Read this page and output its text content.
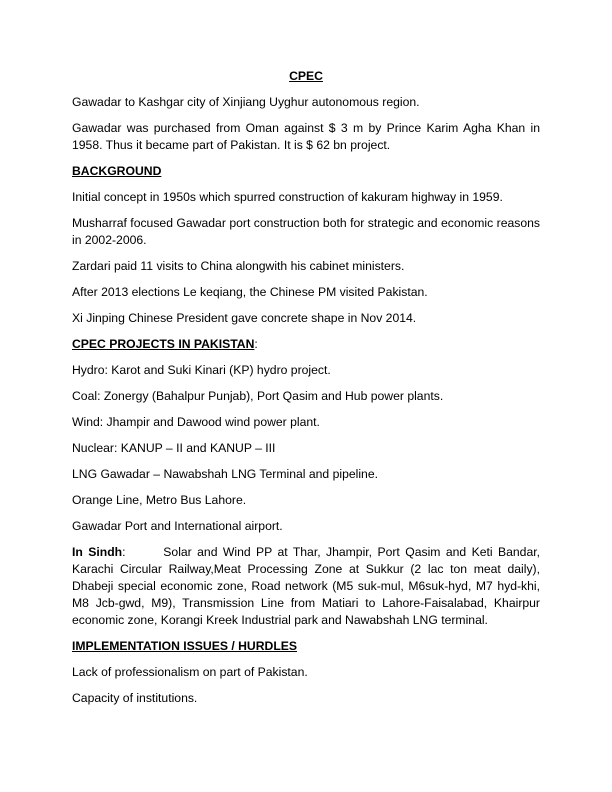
CPEC
Gawadar to Kashgar city of Xinjiang Uyghur autonomous region.
Gawadar was purchased from Oman against $ 3 m by Prince Karim Agha Khan in 1958. Thus it became part of Pakistan. It is $ 62 bn project.
BACKGROUND
Initial concept in 1950s which spurred construction of kakuram highway in 1959.
Musharraf focused Gawadar port construction both for strategic and economic reasons in 2002-2006.
Zardari paid 11 visits to China alongwith his cabinet ministers.
After 2013 elections Le keqiang, the Chinese PM visited Pakistan.
Xi Jinping Chinese President gave concrete shape in Nov 2014.
CPEC PROJECTS IN PAKISTAN:
Hydro: Karot and Suki Kinari (KP) hydro project.
Coal: Zonergy (Bahalpur Punjab), Port Qasim and Hub power plants.
Wind: Jhampir and Dawood wind power plant.
Nuclear: KANUP – II and KANUP – III
LNG Gawadar – Nawabshah LNG Terminal and pipeline.
Orange Line, Metro Bus Lahore.
Gawadar Port and International airport.
In Sindh:       Solar and Wind PP at Thar, Jhampir, Port Qasim and Keti Bandar, Karachi Circular Railway,Meat Processing Zone at Sukkur (2 lac ton meat daily), Dhabeji special economic zone, Road network (M5 suk-mul, M6suk-hyd, M7 hyd-khi, M8 Jcb-gwd, M9), Transmission Line from Matiari to Lahore-Faisalabad, Khairpur economic zone, Korangi Kreek Industrial park and Nawabshah LNG terminal.
IMPLEMENTATION ISSUES / HURDLES
Lack of professionalism on part of Pakistan.
Capacity of institutions.
